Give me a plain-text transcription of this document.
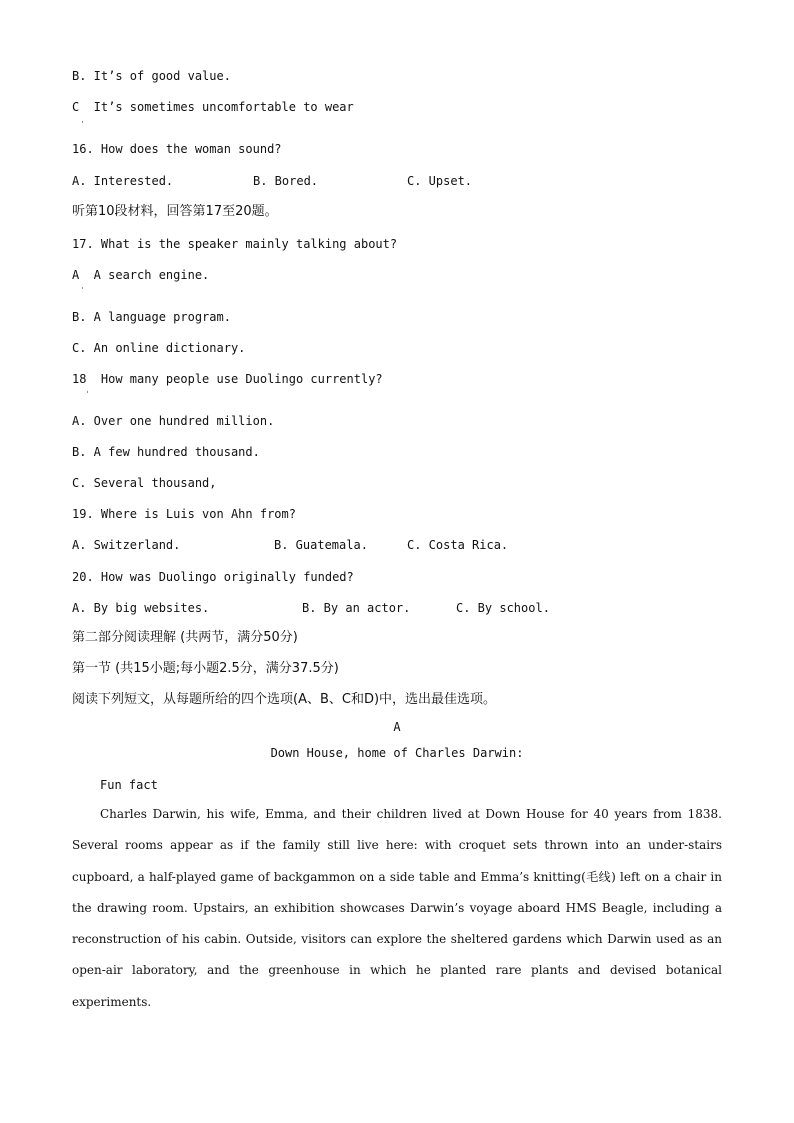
B. It’s of good value.
C  It’s sometimes uncomfortable to wear
ˈ
16. How does the woman sound?
A. Interested.	B. Bored.	C. Upset.
听第10段材料，回答第17至20题。
17. What is the speaker mainly talking about?
A  A search engine.
ˈ
B. A language program.
C. An online dictionary.
18  How many people use Duolingo currently?
ˈ
A. Over one hundred million.
B. A few hundred thousand.
C. Several thousand,
19. Where is Luis von Ahn from?
A. Switzerland.	B. Guatemala.	C. Costa Rica.
20. How was Duolingo originally funded?
A. By big websites.	B. By an actor.	C. By school.
第二部分阅读理解 (共两节，满分50分)
第一节 (共15小题;每小题2.5分，满分37.5分)
阅读下列短文，从每题所给的四个选项(A、B、C和D)中，选出最佳选项。
A
Down House, home of Charles Darwin:
Fun fact

Charles Darwin, his wife, Emma, and their children lived at Down House for 40 years from 1838. Several rooms appear as if the family still live here: with croquet sets thrown into an under-stairs cupboard, a half-played game of backgammon on a side table and Emma’s knitting(毛线) left on a chair in the drawing room. Upstairs, an exhibition showcases Darwin’s voyage aboard HMS Beagle, including a reconstruction of his cabin. Outside, visitors can explore the sheltered gardens which Darwin used as an open-air laboratory, and the greenhouse in which he planted rare plants and devised botanical experiments.
